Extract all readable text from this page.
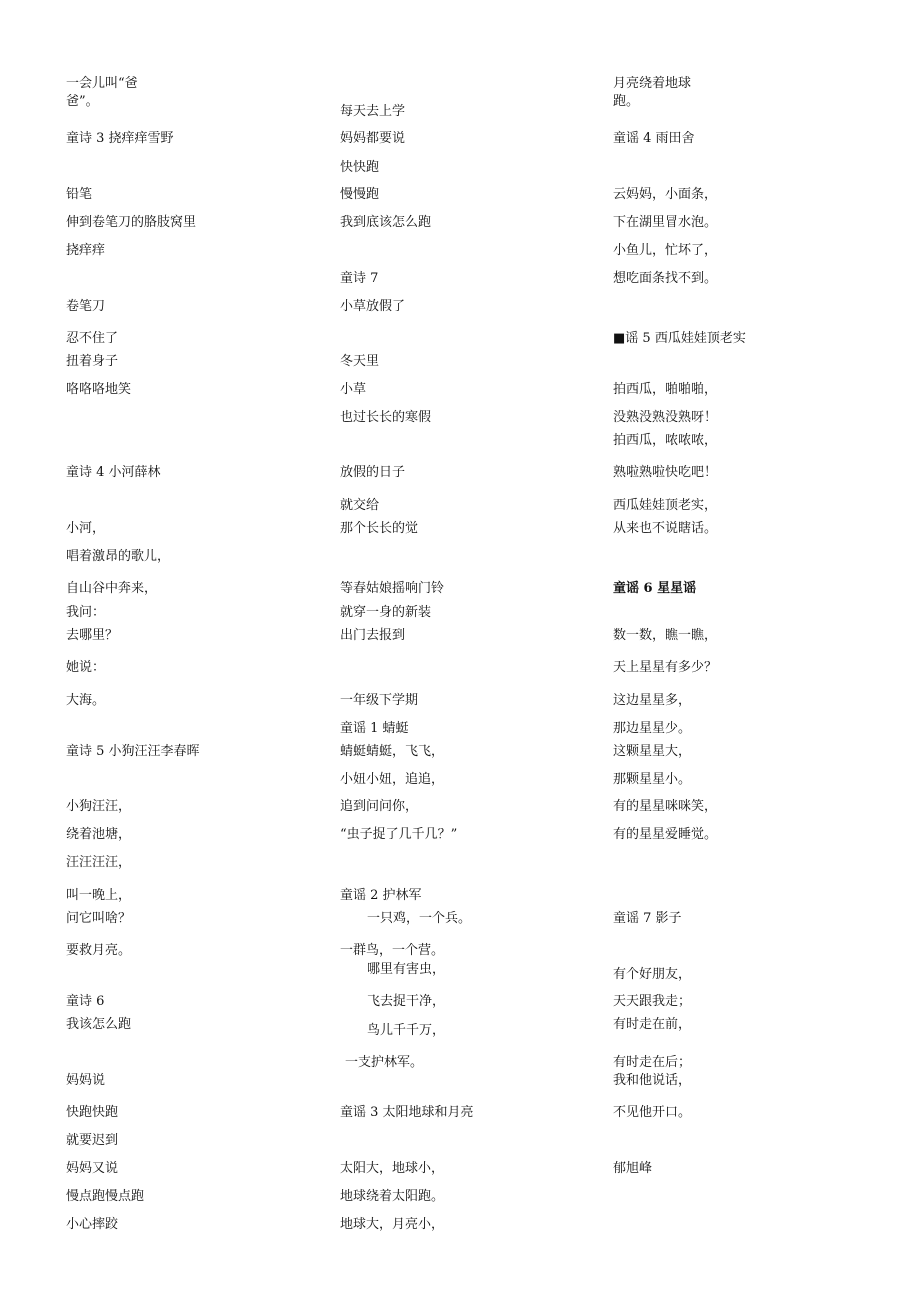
一会儿叫“爸
爸”。
童诗 3 挠痒痒雪野
铅笔
伸到卷笔刀的胳肢窝里
挠痒痒
卷笔刀
忍不住了
扭着身子
咯咯咯地笑
童诗 4 小河薛林
小河，
唱着激昂的歌儿，
自山谷中奔来，
我问：
去哪里？
她说：
大海。
童诗 5 小狗汪汪李春晖
小狗汪汪，
绕着池塘，
汪汪汪汪，
叫一晚上，
问它叫啥？
要救月亮。
童诗 6
我该怎么跑
妈妈说
快跑快跑
就要迟到
妈妈又说
慢点跑慢点跑
小心摔跤
每天去上学
妈妈都要说
快快跑
慢慢跑
我到底该怎么跑
童诗 7
小草放假了
冬天里
小草
也过长长的寒假
放假的日子
就交给
那个长长的觉
等春姑娘摇响门铃
就穿一身的新装
出门去报到
一年级下学期
童谣 1 蜻蜓
蜻蜓蜻蜓，飞飞，
小妞小妞，追追，
追到问问你，
“虫子捉了几千几？”
童谣 2 护林军
一只鸡，一个兵。
一群鸟，一个营。
哪里有害虫，
飞去捉干净，
鸟儿千千万，
一支护林军。
童谣 3 太阳地球和月亮
太阳大，地球小，
地球绕着太阳跑。
地球大，月亮小，
月亮绕着地球
跑。
童谣 4 雨田舍
云妈妈，小面条，
下在湖里冒水泡。
小鱼儿，忙坏了，
想吃面条找不到。
■谣 5 西瓜娃娃顶老实
拍西瓜，啪啪啪，
没熟没熟没熟呀！
拍西瓜，哝哝哝，
熟啦熟啦快吃吧！
西瓜娃娃顶老实，
从来也不说瞎话。
童谣 6 星星谣
数一数，瞧一瞧，
天上星星有多少？
这边星星多，
那边星星少。
这颗星星大，
那颗星星小。
有的星星咪咪笑，
有的星星爱睡觉。
童谣 7 影子
有个好朋友，
天天跟我走；
有时走在前，
有时走在后；
我和他说话，
不见他开口。
郁旭峰
